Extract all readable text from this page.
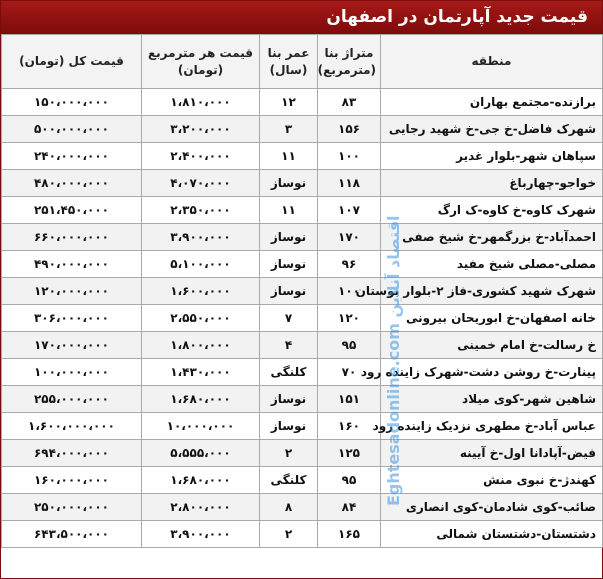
قیمت جدید آپارتمان در اصفهان
منطقه	متراژ بنا (مترمربع)	عمر بنا (سال)	قیمت هر مترمربع (تومان)	قیمت کل (تومان)
برازنده-مجتمع بهاران	۸۳	۱۲	۱،۸۱۰،۰۰۰	۱۵۰،۰۰۰،۰۰۰
شهرک فاضل-خ جی-خ شهید رجایی	۱۵۶	۳	۳،۲۰۰،۰۰۰	۵۰۰،۰۰۰،۰۰۰
سپاهان شهر-بلوار غدیر	۱۰۰	۱۱	۲،۴۰۰،۰۰۰	۲۴۰،۰۰۰،۰۰۰
خواجو-چهارباغ	۱۱۸	نوساز	۴،۰۷۰،۰۰۰	۴۸۰،۰۰۰،۰۰۰
شهرک کاوه-خ کاوه-ک ارگ	۱۰۷	۱۱	۲،۳۵۰،۰۰۰	۲۵۱،۴۵۰،۰۰۰
احمدآباد-خ بزرگمهر-خ شیخ صفی	۱۷۰	نوساز	۳،۹۰۰،۰۰۰	۶۶۰،۰۰۰،۰۰۰
مصلی-مصلی شیخ مفید	۹۶	نوساز	۵،۱۰۰،۰۰۰	۴۹۰،۰۰۰،۰۰۰
شهرک شهید کشوری-فاز ۲-بلوار بوستان	۱۰۰	نوساز	۱،۶۰۰،۰۰۰	۱۲۰،۰۰۰،۰۰۰
خانه اصفهان-خ ابوریحان بیرونی	۱۲۰	۷	۲،۵۵۰،۰۰۰	۳۰۶،۰۰۰،۰۰۰
خ رسالت-خ امام خمینی	۹۵	۴	۱،۸۰۰،۰۰۰	۱۷۰،۰۰۰،۰۰۰
پینارت-خ روشن دشت-شهرک زاینده رود	۷۰	کلنگی	۱،۴۳۰،۰۰۰	۱۰۰،۰۰۰،۰۰۰
شاهین شهر-کوی میلاد	۱۵۱	نوساز	۱،۶۸۰،۰۰۰	۲۵۵،۰۰۰،۰۰۰
عباس آباد-خ مطهری نزدیک زاینده رود	۱۶۰	نوساز	۱۰،۰۰۰،۰۰۰	۱،۶۰۰،۰۰۰،۰۰۰
فیض-آپادانا اول-خ آیینه	۱۲۵	۲	۵،۵۵۵،۰۰۰	۶۹۴،۰۰۰،۰۰۰
کهندژ-خ نبوی منش	۹۵	کلنگی	۱،۶۸۰،۰۰۰	۱۶۰،۰۰۰،۰۰۰
صائب-کوی شادمان-کوی انصاری	۸۴	۸	۲،۸۰۰،۰۰۰	۲۵۰،۰۰۰،۰۰۰
دشتستان-دشتستان شمالی	۱۶۵	۲	۳،۹۰۰،۰۰۰	۶۴۳،۵۰۰،۰۰۰
Eghtesadonline.com اقتصاد آنلاین
